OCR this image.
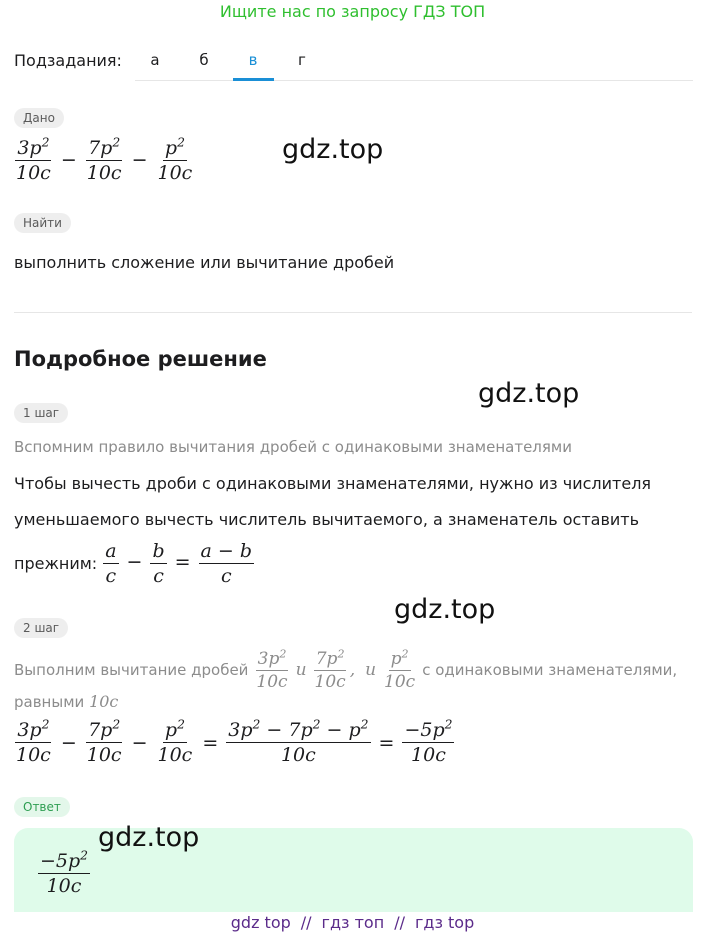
Ищите нас по запросу ГДЗ ТОП
Подзадания:	а	б	в	г
Дано
$\frac{3p^2}{10c} - \frac{7p^2}{10c} - \frac{p^2}{10c}$	gdz.top
Найти
выполнить сложение или вычитание дробей
Подробное решение
gdz.top
1 шаг
Вспомним правило вычитания дробей с одинаковыми знаменателями
Чтобы вычесть дроби с одинаковыми знаменателями, нужно из числителя
уменьшаемого вычесть числитель вычитаемого, а знаменатель оставить
прежним: $\frac{a}{c} - \frac{b}{c} = \frac{a - b}{c}$
gdz.top
2 шаг
Выполним вычитание дробей $\frac{3p^2}{10c}$ и $\frac{7p^2}{10c}$ , и $\frac{p^2}{10c}$ с одинаковыми знаменателями,
равными 10c
$\frac{3p^2}{10c} - \frac{7p^2}{10c} - \frac{p^2}{10c} = \frac{3p^2 - 7p^2 - p^2}{10c} = \frac{-5p^2}{10c}$
Ответ
$\frac{-5p^2}{10c}$
gdz.top
gdz top // гдз топ // гдз top
